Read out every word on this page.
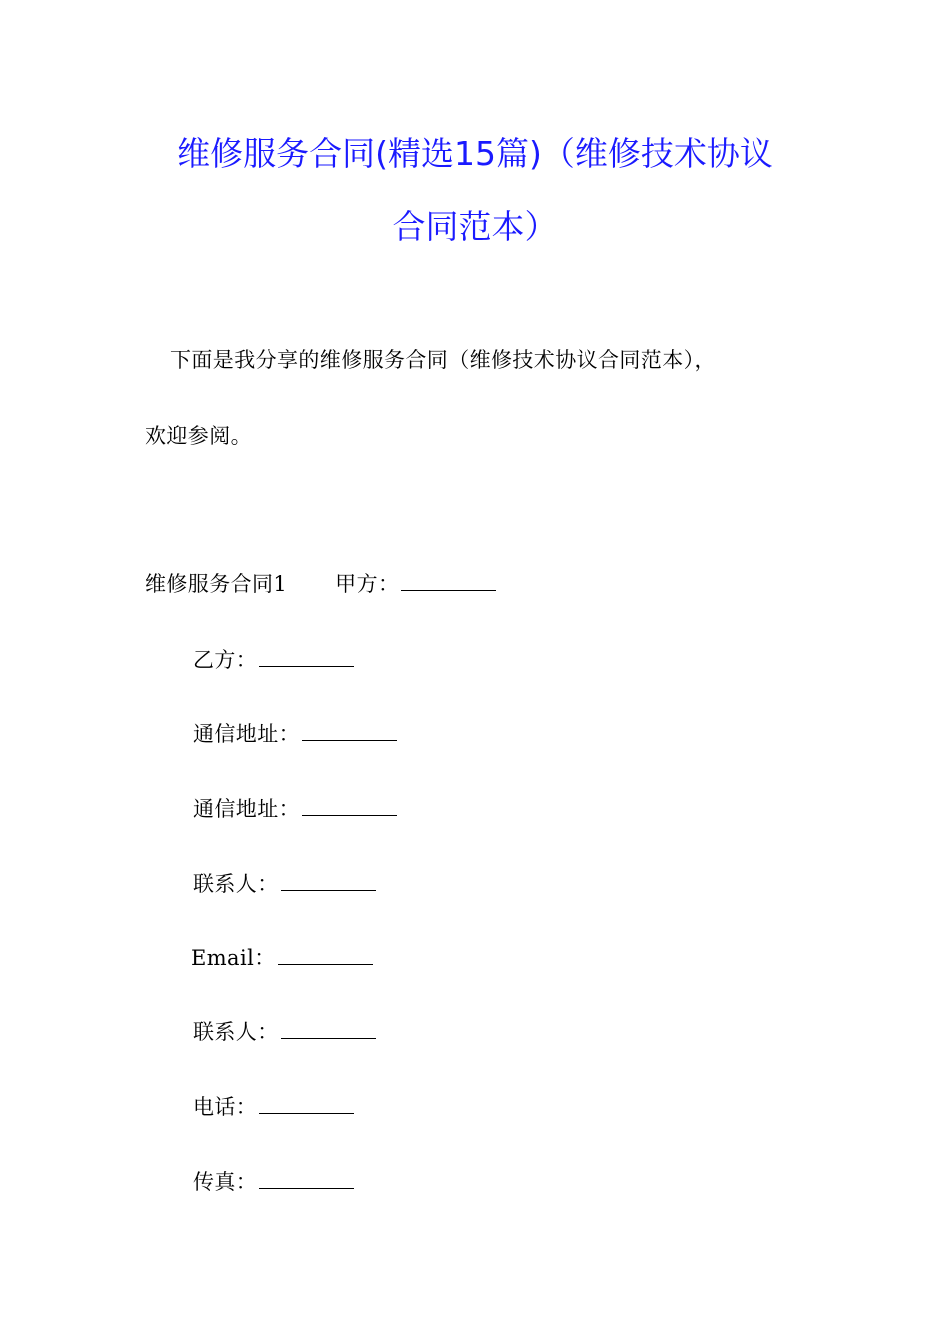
维修服务合同(精选15篇)（维修技术协议
合同范本）
下面是我分享的维修服务合同（维修技术协议合同范本），
欢迎参阅。
维修服务合同1 甲方：
乙方：
通信地址：
通信地址：
联系人：
Email：
联系人：
电话：
传真：
